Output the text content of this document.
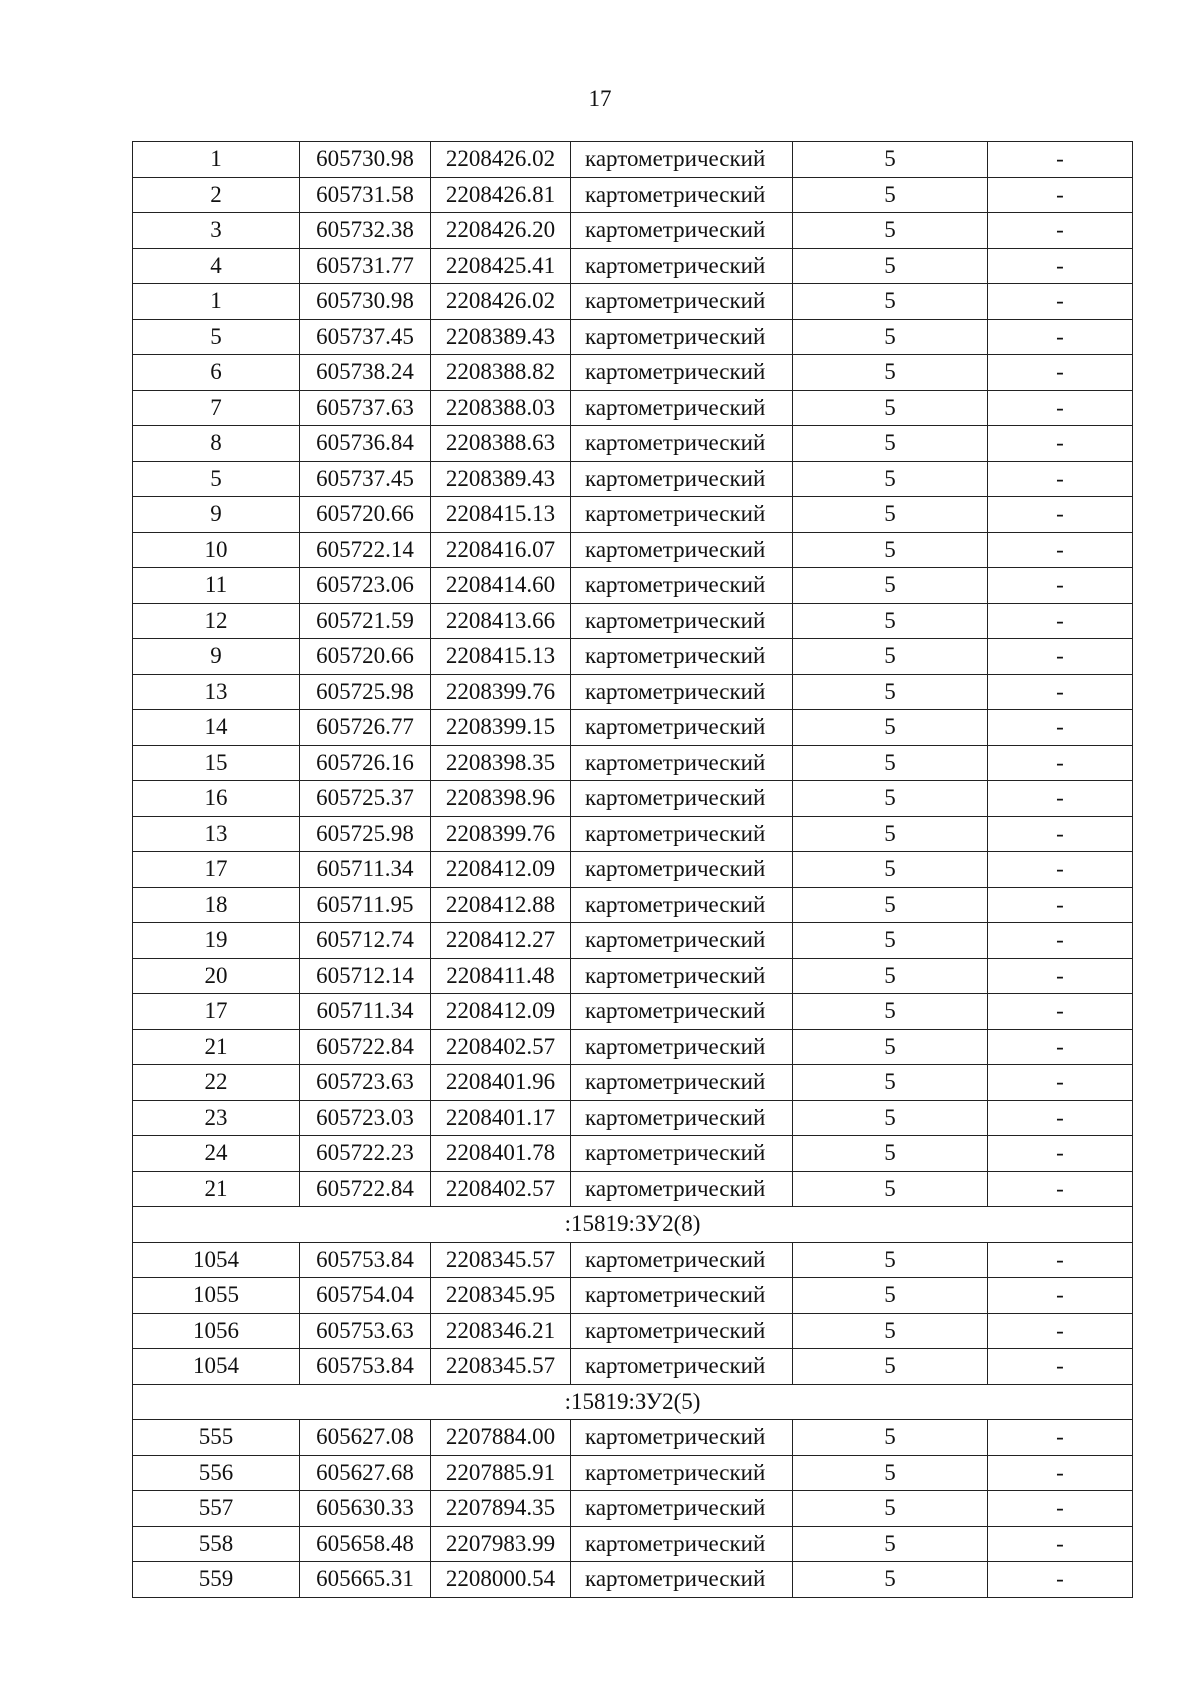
17
1	605730.98	2208426.02	картометрический	5	-
2	605731.58	2208426.81	картометрический	5	-
3	605732.38	2208426.20	картометрический	5	-
4	605731.77	2208425.41	картометрический	5	-
1	605730.98	2208426.02	картометрический	5	-
5	605737.45	2208389.43	картометрический	5	-
6	605738.24	2208388.82	картометрический	5	-
7	605737.63	2208388.03	картометрический	5	-
8	605736.84	2208388.63	картометрический	5	-
5	605737.45	2208389.43	картометрический	5	-
9	605720.66	2208415.13	картометрический	5	-
10	605722.14	2208416.07	картометрический	5	-
11	605723.06	2208414.60	картометрический	5	-
12	605721.59	2208413.66	картометрический	5	-
9	605720.66	2208415.13	картометрический	5	-
13	605725.98	2208399.76	картометрический	5	-
14	605726.77	2208399.15	картометрический	5	-
15	605726.16	2208398.35	картометрический	5	-
16	605725.37	2208398.96	картометрический	5	-
13	605725.98	2208399.76	картометрический	5	-
17	605711.34	2208412.09	картометрический	5	-
18	605711.95	2208412.88	картометрический	5	-
19	605712.74	2208412.27	картометрический	5	-
20	605712.14	2208411.48	картометрический	5	-
17	605711.34	2208412.09	картометрический	5	-
21	605722.84	2208402.57	картометрический	5	-
22	605723.63	2208401.96	картометрический	5	-
23	605723.03	2208401.17	картометрический	5	-
24	605722.23	2208401.78	картометрический	5	-
21	605722.84	2208402.57	картометрический	5	-
:15819:ЗУ2(8)					
1054	605753.84	2208345.57	картометрический	5	-
1055	605754.04	2208345.95	картометрический	5	-
1056	605753.63	2208346.21	картометрический	5	-
1054	605753.84	2208345.57	картометрический	5	-
:15819:ЗУ2(5)					
555	605627.08	2207884.00	картометрический	5	-
556	605627.68	2207885.91	картометрический	5	-
557	605630.33	2207894.35	картометрический	5	-
558	605658.48	2207983.99	картометрический	5	-
559	605665.31	2208000.54	картометрический	5	-
